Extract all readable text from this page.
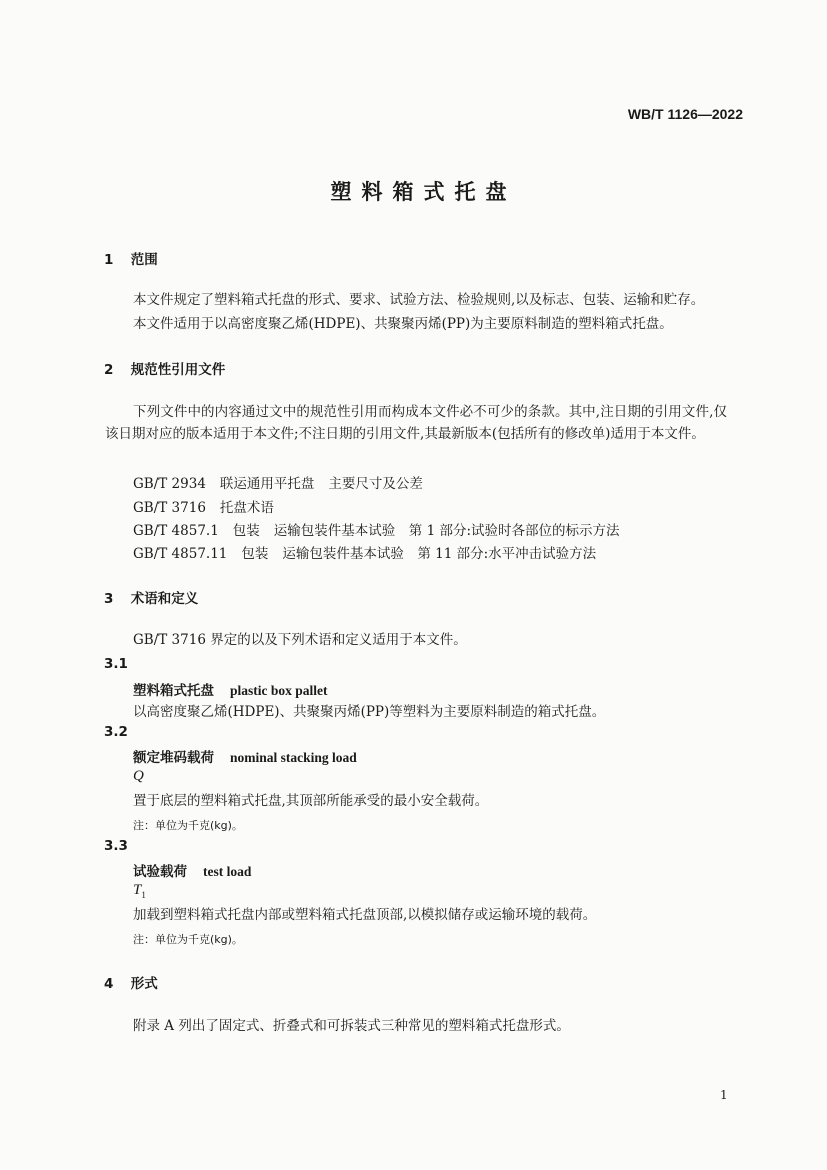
WB/T 1126—2022
塑料箱式托盘
1 范围
本文件规定了塑料箱式托盘的形式、要求、试验方法、检验规则,以及标志、包装、运输和贮存。
本文件适用于以高密度聚乙烯(HDPE)、共聚聚丙烯(PP)为主要原料制造的塑料箱式托盘。
2 规范性引用文件
下列文件中的内容通过文中的规范性引用而构成本文件必不可少的条款。其中,注日期的引用文件,仅该日期对应的版本适用于本文件;不注日期的引用文件,其最新版本(包括所有的修改单)适用于本文件。
GB/T 2934 联运通用平托盘 主要尺寸及公差
GB/T 3716 托盘术语
GB/T 4857.1 包装 运输包装件基本试验　第 1 部分:试验时各部位的标示方法
GB/T 4857.11 包装 运输包装件基本试验　第 11 部分:水平冲击试验方法
3 术语和定义
GB/T 3716 界定的以及下列术语和定义适用于本文件。
3.1
塑料箱式托盘 plastic box pallet
以高密度聚乙烯(HDPE)、共聚聚丙烯(PP)等塑料为主要原料制造的箱式托盘。
3.2
额定堆码载荷 nominal stacking load
Q
置于底层的塑料箱式托盘,其顶部所能承受的最小安全载荷。
注：单位为千克(kg)。
3.3
试验载荷 test load
$T_1$
加载到塑料箱式托盘内部或塑料箱式托盘顶部,以模拟储存或运输环境的载荷。
注：单位为千克(kg)。
4 形式
附录 A 列出了固定式、折叠式和可拆装式三种常见的塑料箱式托盘形式。
1
